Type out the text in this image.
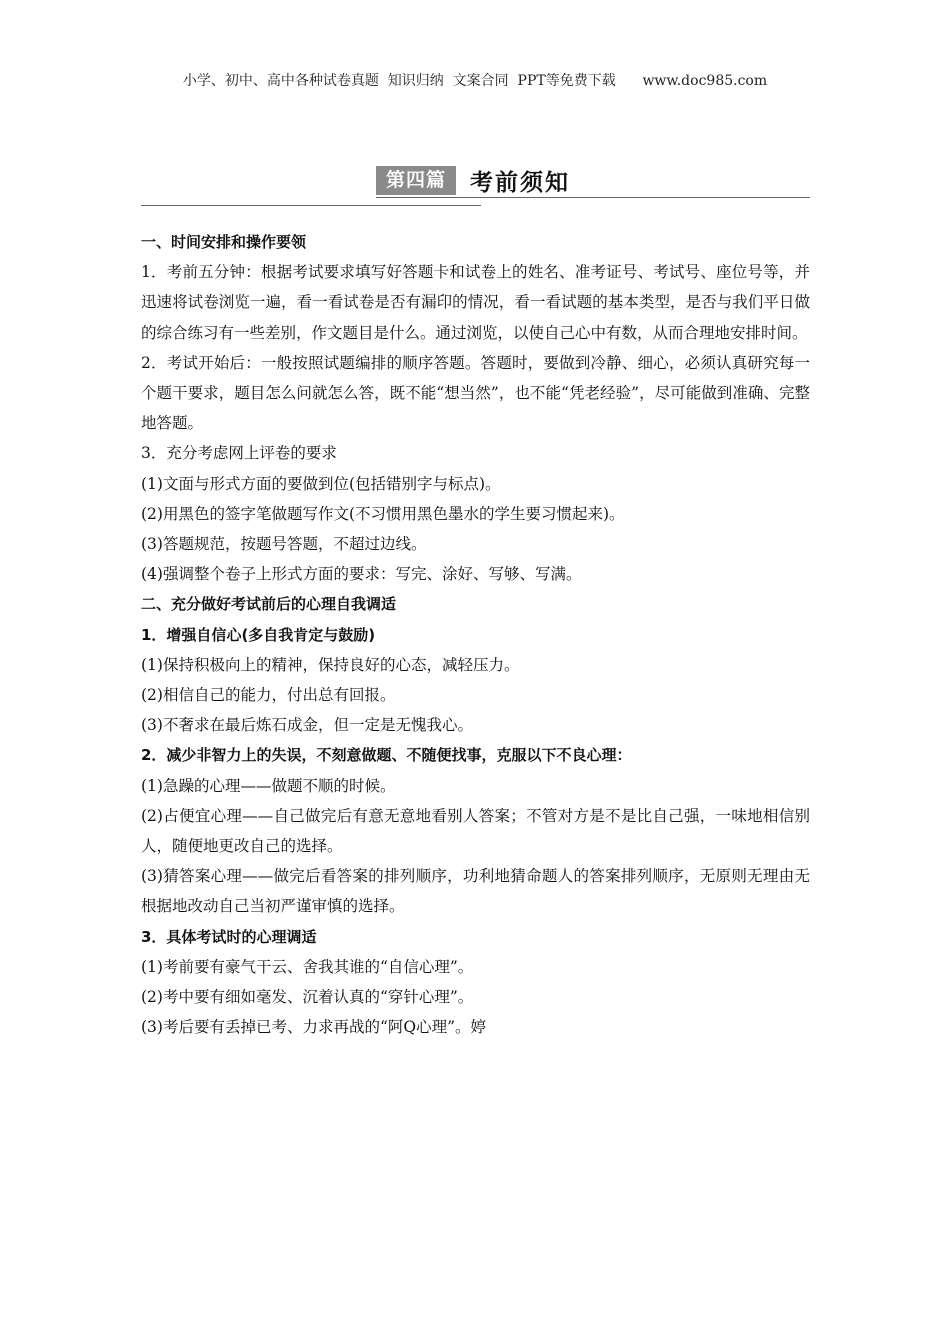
小学、初中、高中各种试卷真题  知识归纳  文案合同  PPT等免费下载      www.doc985.com
第四篇	考前须知

一、时间安排和操作要领

1．考前五分钟：根据考试要求填写好答题卡和试卷上的姓名、准考证号、考试号、座位号等，并迅速将试卷浏览一遍，看一看试卷是否有漏印的情况，看一看试题的基本类型，是否与我们平日做的综合练习有一些差别，作文题目是什么。通过浏览，以使自己心中有数，从而合理地安排时间。

2．考试开始后：一般按照试题编排的顺序答题。答题时，要做到冷静、细心，必须认真研究每一个题干要求，题目怎么问就怎么答，既不能“想当然”，也不能“凭老经验”，尽可能做到准确、完整地答题。

3．充分考虑网上评卷的要求

(1)文面与形式方面的要做到位(包括错别字与标点)。

(2)用黑色的签字笔做题写作文(不习惯用黑色墨水的学生要习惯起来)。

(3)答题规范，按题号答题，不超过边线。

(4)强调整个卷子上形式方面的要求：写完、涂好、写够、写满。

二、充分做好考试前后的心理自我调适

1．增强自信心(多自我肯定与鼓励)

(1)保持积极向上的精神，保持良好的心态，减轻压力。

(2)相信自己的能力，付出总有回报。

(3)不奢求在最后炼石成金，但一定是无愧我心。

2．减少非智力上的失误，不刻意做题、不随便找事，克服以下不良心理：

(1)急躁的心理——做题不顺的时候。

(2)占便宜心理——自己做完后有意无意地看别人答案；不管对方是不是比自己强，一味地相信别人，随便地更改自己的选择。

(3)猜答案心理——做完后看答案的排列顺序，功利地猜命题人的答案排列顺序，无原则无理由无根据地改动自己当初严谨审慎的选择。

3．具体考试时的心理调适

(1)考前要有豪气干云、舍我其谁的“自信心理”。

(2)考中要有细如毫发、沉着认真的“穿针心理”。

(3)考后要有丢掉已考、力求再战的“阿Q心理”。婷
